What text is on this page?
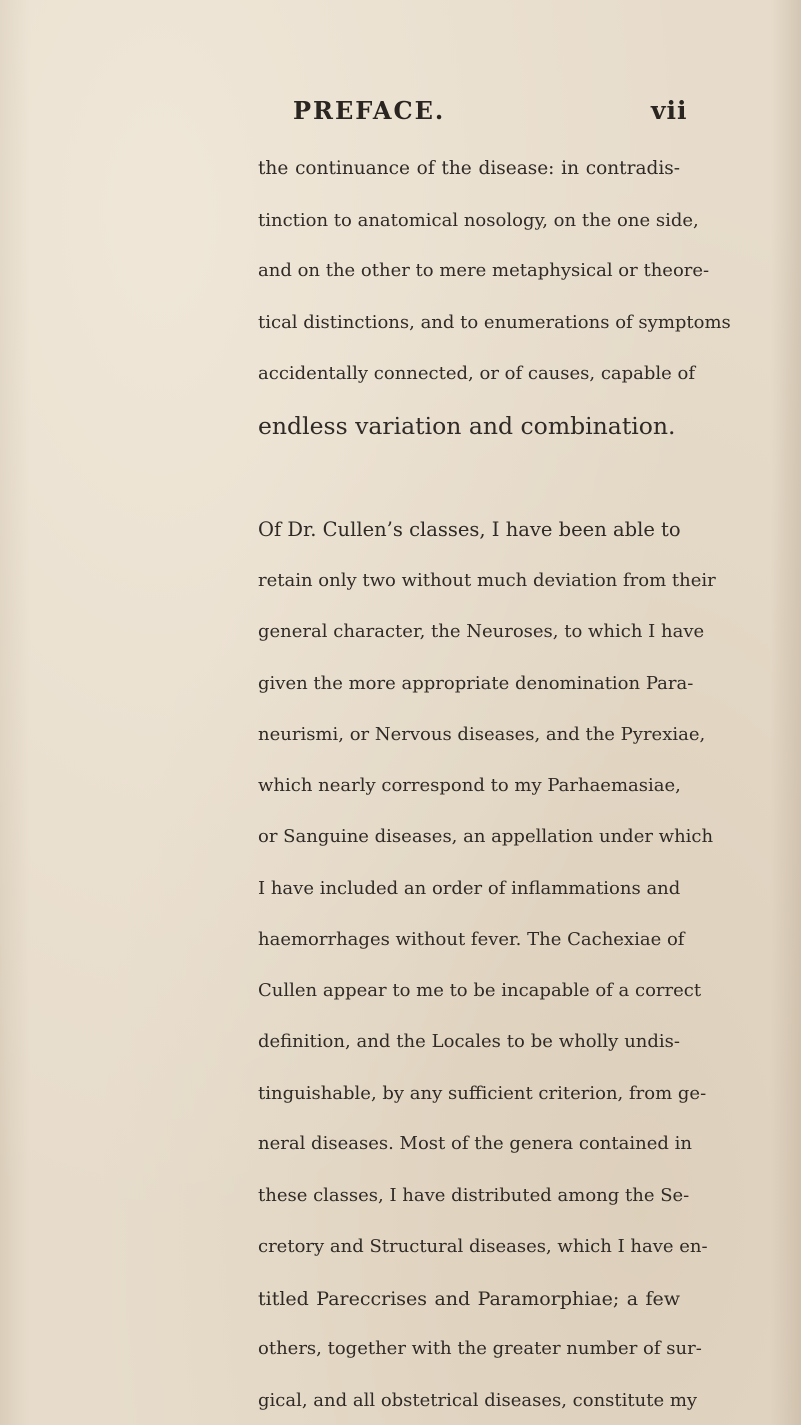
PREFACE.	vii
the continuance of the disease: in contradis-
tinction to anatomical nosology, on the one side,
and on the other to mere metaphysical or theore-
tical distinctions, and to enumerations of symptoms
accidentally connected, or of causes, capable of
endless variation and combination.
Of Dr. Cullen’s classes, I have been able to
retain only two without much deviation from their
general character, the Neuroses, to which I have
given the more appropriate denomination Para-
neurismi, or Nervous diseases, and the Pyrexiae,
which nearly correspond to my Parhaemasiae,
or Sanguine diseases, an appellation under which
I have included an order of inflammations and
haemorrhages without fever. The Cachexiae of
Cullen appear to me to be incapable of a correct
definition, and the Locales to be wholly undis-
tinguishable, by any sufficient criterion, from ge-
neral diseases. Most of the genera contained in
these classes, I have distributed among the Se-
cretory and Structural diseases, which I have en-
titled Pareccrises and Paramorphiae; a few
others, together with the greater number of sur-
gical, and all obstetrical diseases, constitute my
